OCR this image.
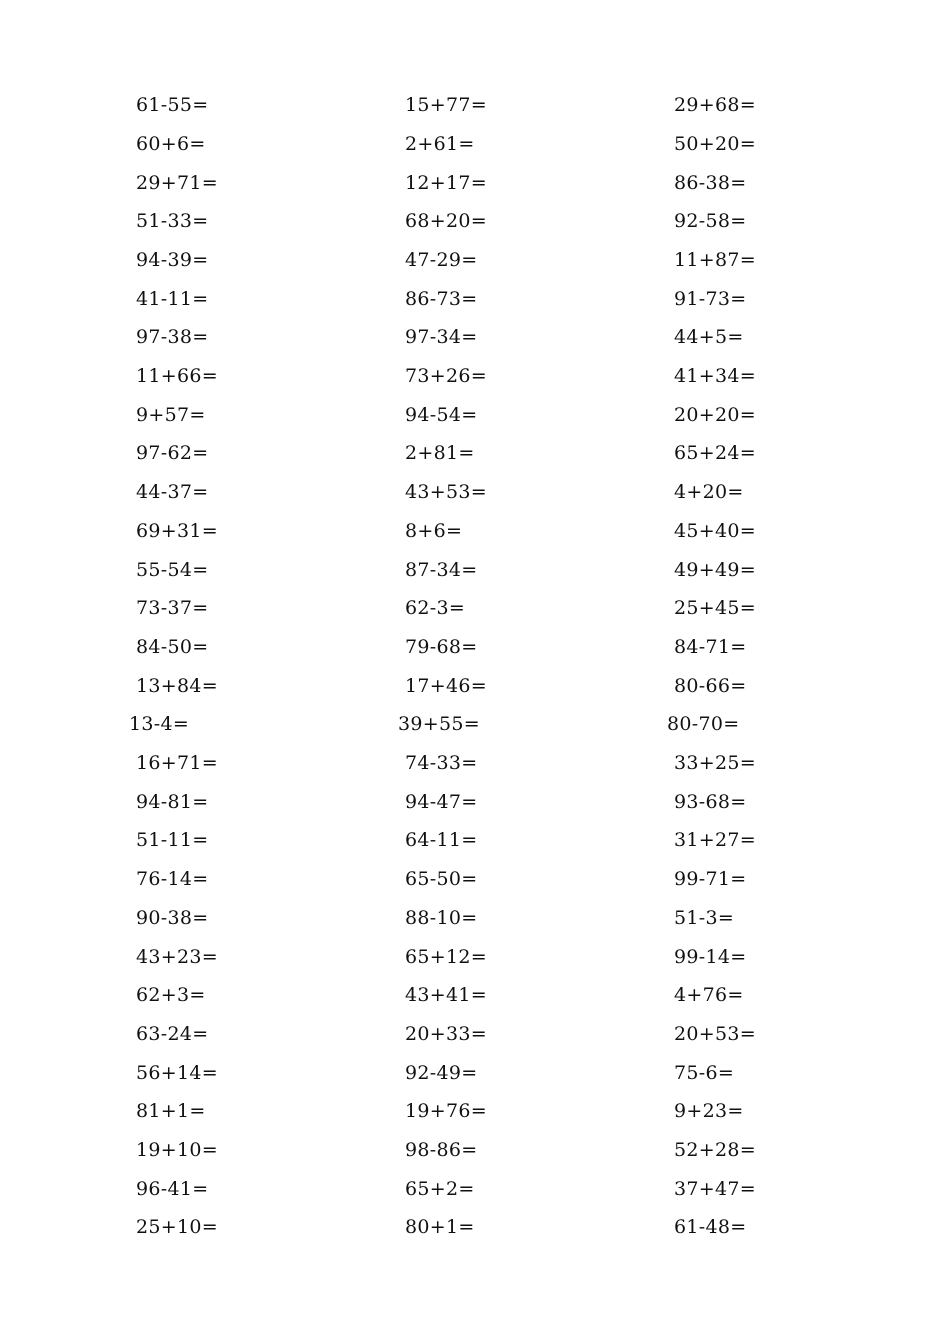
61-55=	15+77=	29+68=
60+6=	2+61=	50+20=
29+71=	12+17=	86-38=
51-33=	68+20=	92-58=
94-39=	47-29=	11+87=
41-11=	86-73=	91-73=
97-38=	97-34=	44+5=
11+66=	73+26=	41+34=
9+57=	94-54=	20+20=
97-62=	2+81=	65+24=
44-37=	43+53=	4+20=
69+31=	8+6=	45+40=
55-54=	87-34=	49+49=
73-37=	62-3=	25+45=
84-50=	79-68=	84-71=
13+84=	17+46=	80-66=
13-4=	39+55=	80-70=
16+71=	74-33=	33+25=
94-81=	94-47=	93-68=
51-11=	64-11=	31+27=
76-14=	65-50=	99-71=
90-38=	88-10=	51-3=
43+23=	65+12=	99-14=
62+3=	43+41=	4+76=
63-24=	20+33=	20+53=
56+14=	92-49=	75-6=
81+1=	19+76=	9+23=
19+10=	98-86=	52+28=
96-41=	65+2=	37+47=
25+10=	80+1=	61-48=
